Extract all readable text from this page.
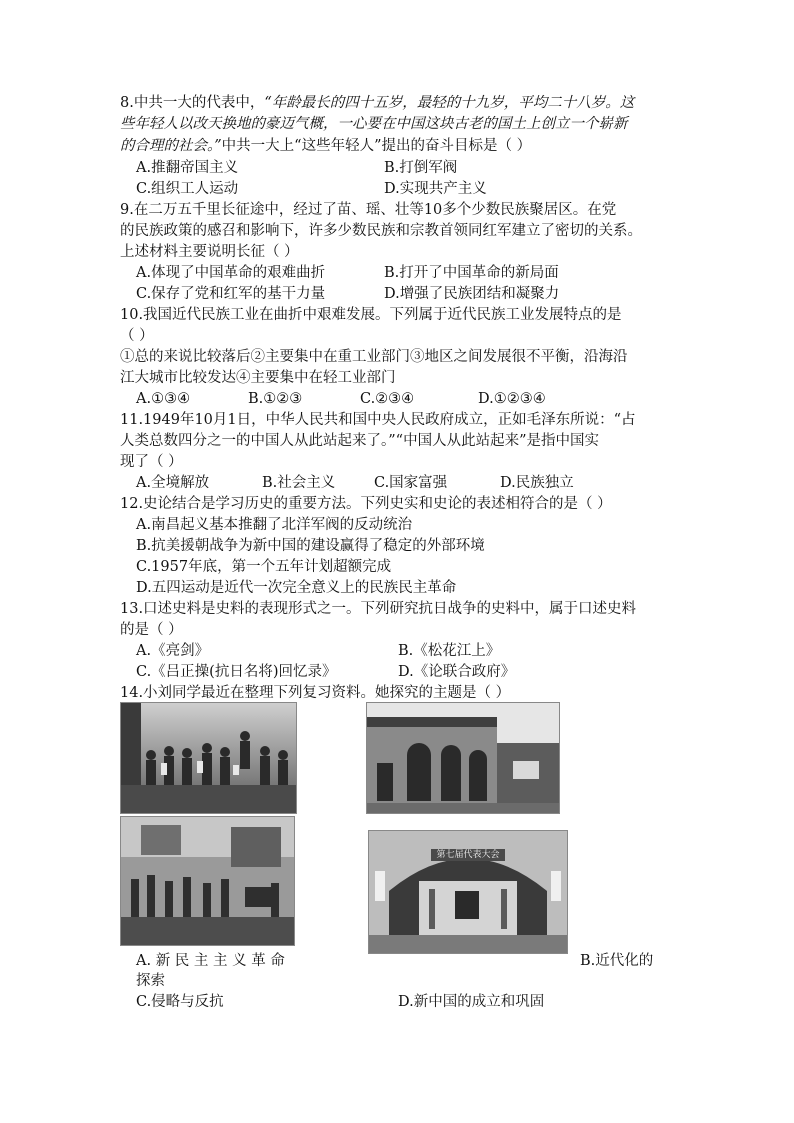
8.中共一大的代表中，“年龄最长的四十五岁，最轻的十九岁，平均二十八岁。这
些年轻人以改天换地的豪迈气概，一心要在中国这块古老的国土上创立一个崭新
的合理的社会。”中共一大上“这些年轻人”提出的奋斗目标是（ ）
A.推翻帝国主义	B.打倒军阀
C.组织工人运动	D.实现共产主义
9.在二万五千里长征途中，经过了苗、瑶、壮等10多个少数民族聚居区。在党
的民族政策的感召和影响下，许多少数民族和宗教首领同红军建立了密切的关系。
上述材料主要说明长征（ ）
A.体现了中国革命的艰难曲折	B.打开了中国革命的新局面
C.保存了党和红军的基干力量	D.增强了民族团结和凝聚力
10.我国近代民族工业在曲折中艰难发展。下列属于近代民族工业发展特点的是
（ ）
①总的来说比较落后②主要集中在重工业部门③地区之间发展很不平衡，沿海沿
江大城市比较发达④主要集中在轻工业部门
A.①③④	B.①②③	C.②③④	D.①②③④
11.1949年10月1日，中华人民共和国中央人民政府成立，正如毛泽东所说：“占
人类总数四分之一的中国人从此站起来了。”“中国人从此站起来”是指中国实
现了（ ）
A.全境解放	B.社会主义	C.国家富强	D.民族独立
12.史论结合是学习历史的重要方法。下列史实和史论的表述相符合的是（ ）
A.南昌起义基本推翻了北洋军阀的反动统治
B.抗美援朝战争为新中国的建设赢得了稳定的外部环境
C.1957年底，第一个五年计划超额完成
D.五四运动是近代一次完全意义上的民族民主革命
13.口述史料是史料的表现形式之一。下列研究抗日战争的史料中，属于口述史料
的是（ ）
A.《亮剑》	B.《松花江上》
C.《吕正操(抗日名将)回忆录》	D.《论联合政府》
14.小刘同学最近在整理下列复习资料。她探究的主题是（ ）
第七届代表大会
A. 新 民 主 主 义 革 命	B.近代化的
探索
C.侵略与反抗	D.新中国的成立和巩固
